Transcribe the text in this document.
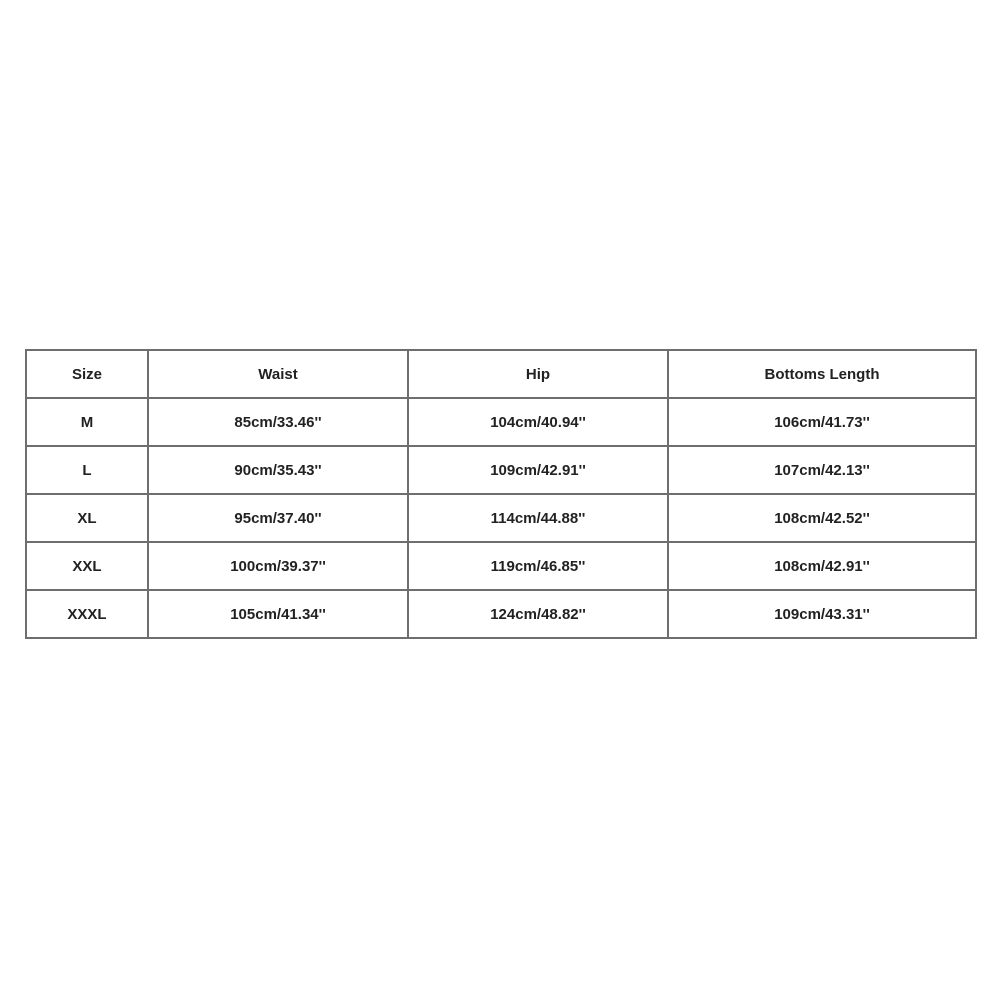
Size	Waist	Hip	Bottoms Length
M	85cm/33.46''	104cm/40.94''	106cm/41.73''
L	90cm/35.43''	109cm/42.91''	107cm/42.13''
XL	95cm/37.40''	114cm/44.88''	108cm/42.52''
XXL	100cm/39.37''	119cm/46.85''	108cm/42.91''
XXXL	105cm/41.34''	124cm/48.82''	109cm/43.31''
